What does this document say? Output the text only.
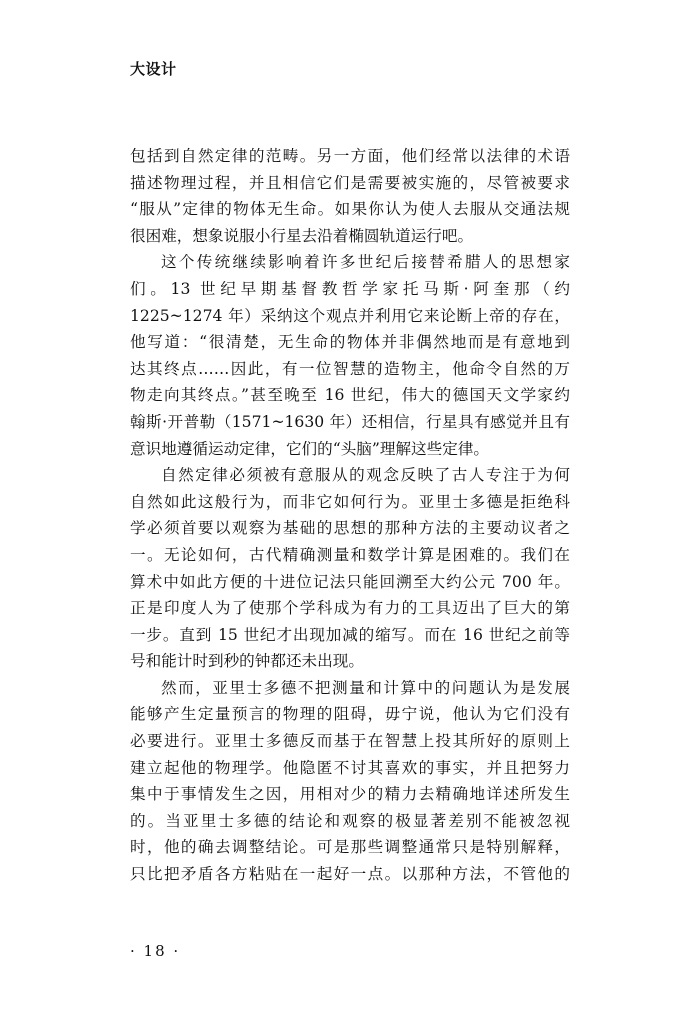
大设计
包括到自然定律的范畴。另一方面，他们经常以法律的术语
描述物理过程，并且相信它们是需要被实施的，尽管被要求
“服从”定律的物体无生命。如果你认为使人去服从交通法规
很困难，想象说服小行星去沿着椭圆轨道运行吧。
这个传统继续影响着许多世纪后接替希腊人的思想家
们。13 世纪早期基督教哲学家托马斯·阿奎那（约
1225~1274 年）采纳这个观点并利用它来论断上帝的存在，
他写道：“很清楚，无生命的物体并非偶然地而是有意地到
达其终点……因此，有一位智慧的造物主，他命令自然的万
物走向其终点。”甚至晚至 16 世纪，伟大的德国天文学家约
翰斯·开普勒（1571~1630 年）还相信，行星具有感觉并且有
意识地遵循运动定律，它们的“头脑”理解这些定律。
自然定律必须被有意服从的观念反映了古人专注于为何
自然如此这般行为，而非它如何行为。亚里士多德是拒绝科
学必须首要以观察为基础的思想的那种方法的主要动议者之
一。无论如何，古代精确测量和数学计算是困难的。我们在
算术中如此方便的十进位记法只能回溯至大约公元 700 年。
正是印度人为了使那个学科成为有力的工具迈出了巨大的第
一步。直到 15 世纪才出现加减的缩写。而在 16 世纪之前等
号和能计时到秒的钟都还未出现。
然而，亚里士多德不把测量和计算中的问题认为是发展
能够产生定量预言的物理的阻碍，毋宁说，他认为它们没有
必要进行。亚里士多德反而基于在智慧上投其所好的原则上
建立起他的物理学。他隐匿不讨其喜欢的事实，并且把努力
集中于事情发生之因，用相对少的精力去精确地详述所发生
的。当亚里士多德的结论和观察的极显著差别不能被忽视
时，他的确去调整结论。可是那些调整通常只是特别解释，
只比把矛盾各方粘贴在一起好一点。以那种方法，不管他的
· 18 ·
